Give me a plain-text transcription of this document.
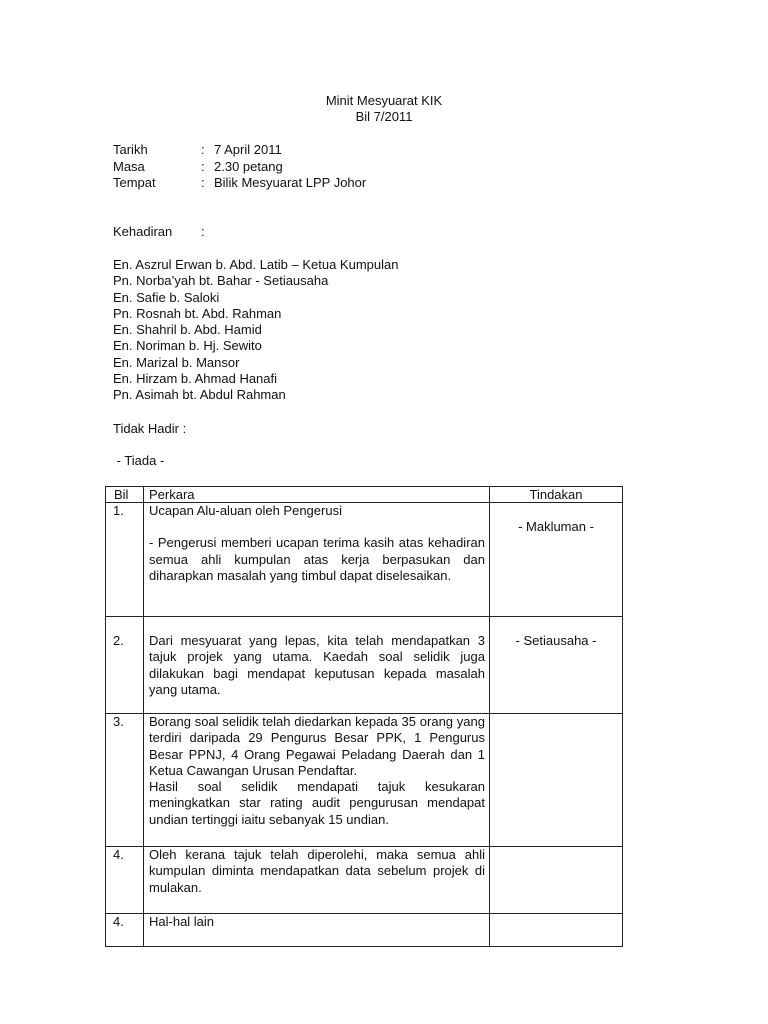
Minit Mesyuarat KIK
Bil 7/2011
Tarikh	: 7 April 2011
Masa	: 2.30 petang
Tempat	: Bilik Mesyuarat LPP Johor
Kehadiran :
En. Aszrul Erwan b. Abd. Latib – Ketua Kumpulan
Pn. Norba’yah bt. Bahar - Setiausaha
En. Safie b. Saloki
Pn. Rosnah bt. Abd. Rahman
En. Shahril b. Abd. Hamid
En. Noriman b. Hj. Sewito
En. Marizal b. Mansor
En. Hirzam b. Ahmad Hanafi
Pn. Asimah bt. Abdul Rahman
Tidak Hadir :
- Tiada -
Bil	Perkara	Tindakan
1.	Ucapan Alu-aluan oleh Pengerusi

- Pengerusi memberi ucapan terima kasih atas kehadiran semua ahli kumpulan atas kerja berpasukan dan diharapkan masalah yang timbul dapat diselesaikan.	- Makluman -

2.	Dari mesyuarat yang lepas, kita telah mendapatkan 3 tajuk projek yang utama. Kaedah soal selidik juga dilakukan bagi mendapat keputusan kepada masalah yang utama.	- Setiausaha -
3.	Borang soal selidik telah diedarkan kepada 35 orang yang terdiri daripada 29 Pengurus Besar PPK, 1 Pengurus Besar PPNJ, 4 Orang Pegawai Peladang Daerah dan 1 Ketua Cawangan Urusan Pendaftar.

Hasil soal selidik mendapati tajuk kesukaran meningkatkan star rating audit pengurusan mendapat undian tertinggi iaitu sebanyak 15 undian.	

4.	Oleh kerana tajuk telah diperolehi, maka semua ahli kumpulan diminta mendapatkan data sebelum projek di mulakan.	

4.	Hal-hal lain	
